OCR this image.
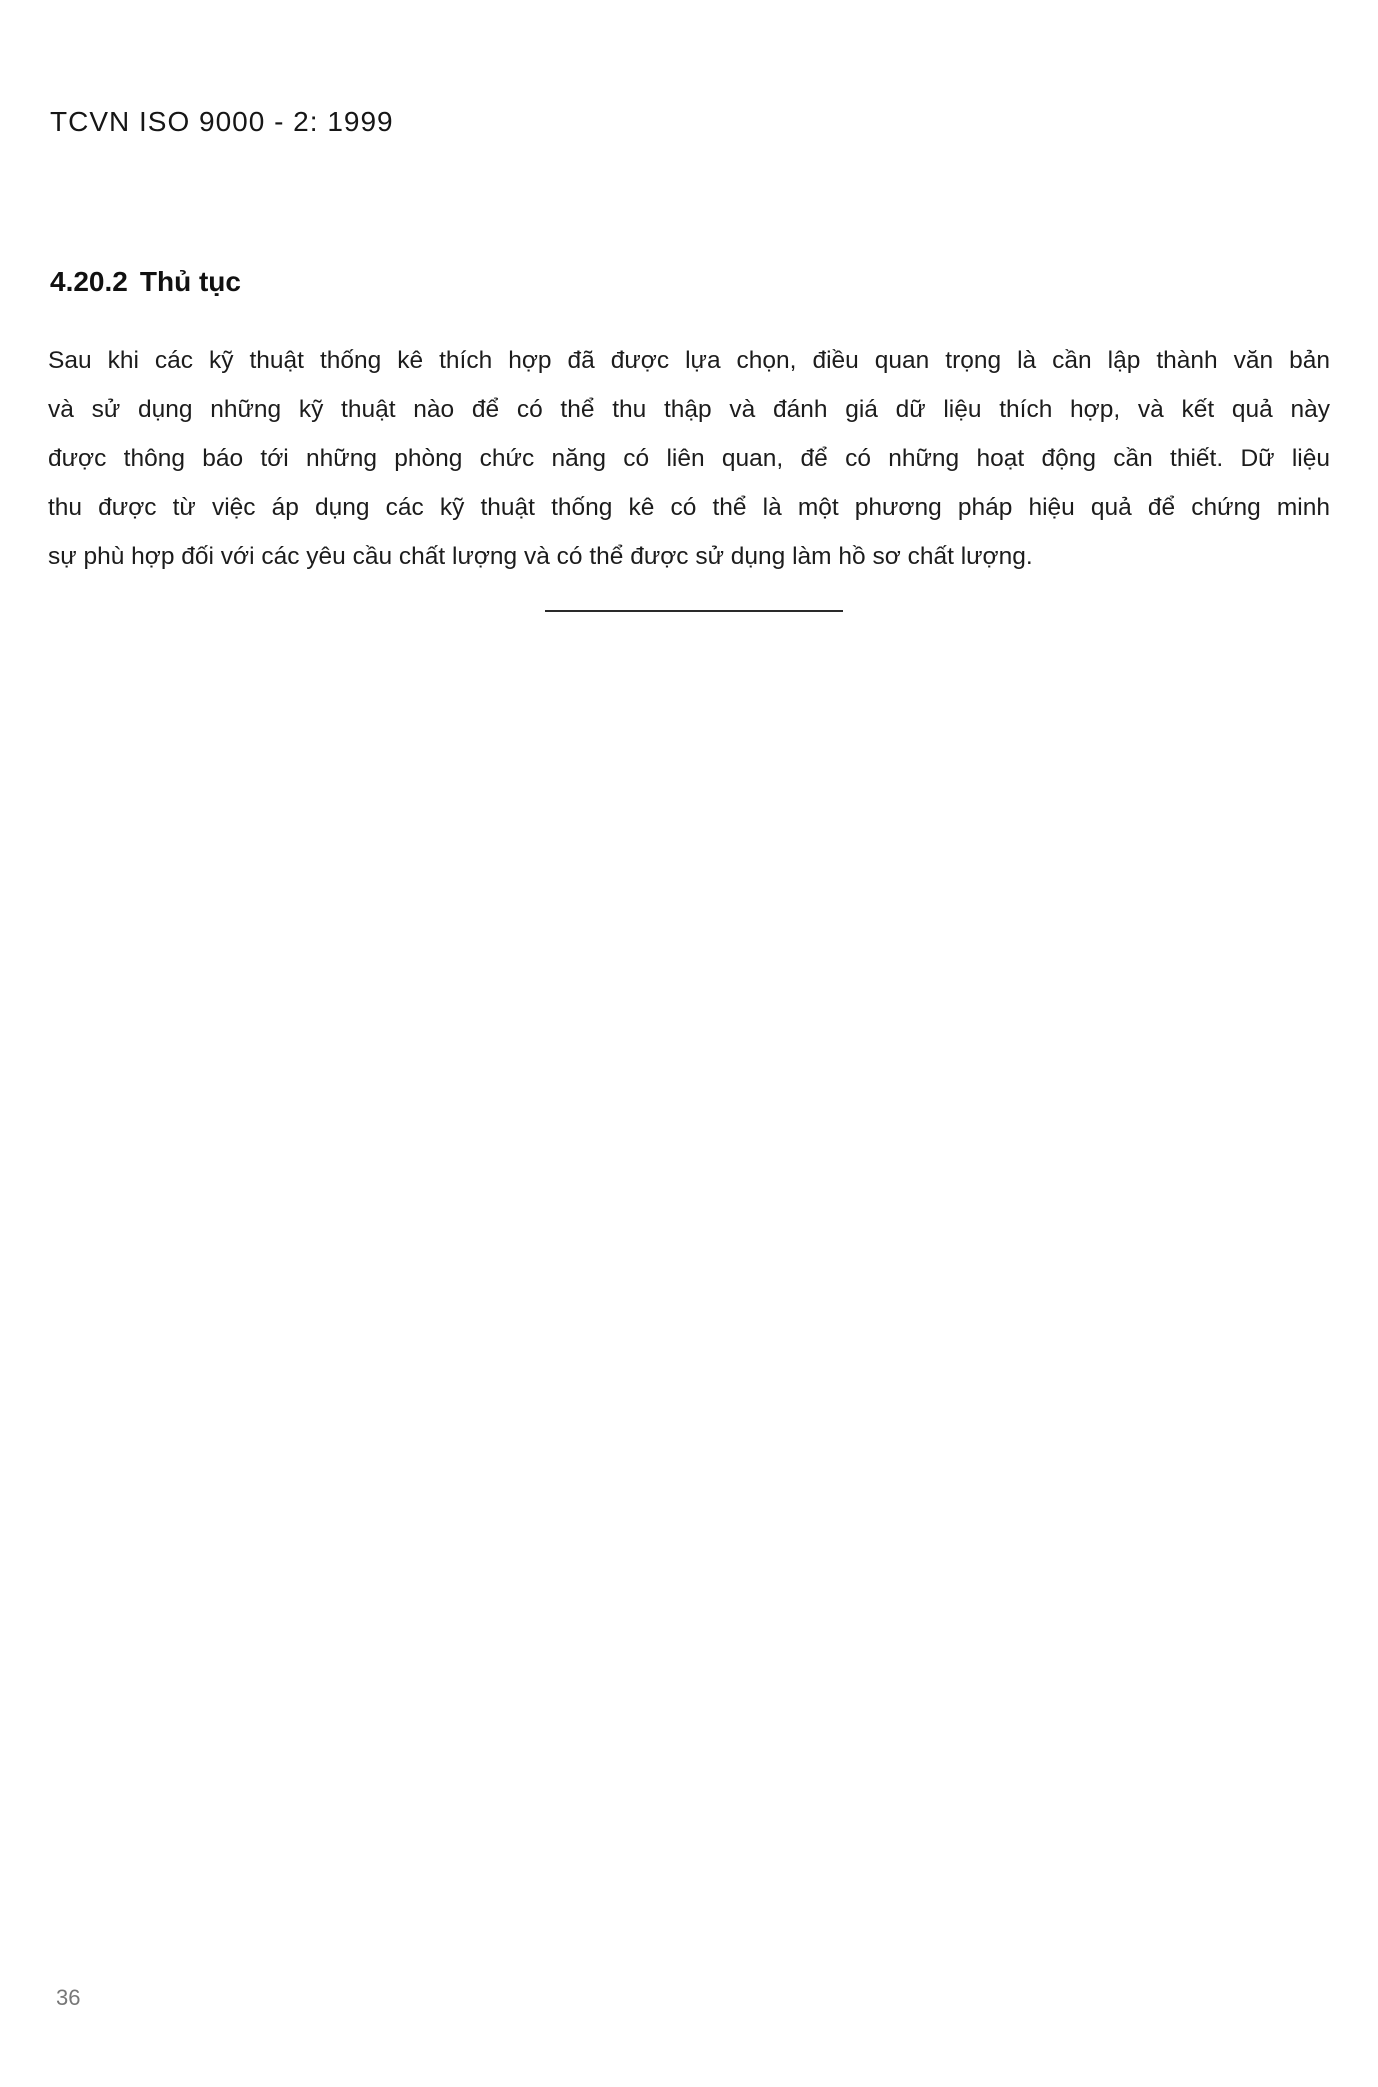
TCVN ISO 9000 - 2: 1999
4.20.2 Thủ tục
Sau khi các kỹ thuật thống kê thích hợp đã được lựa chọn, điều quan trọng là cần lập thành văn bản
và sử dụng những kỹ thuật nào để có thể thu thập và đánh giá dữ liệu thích hợp, và kết quả này
được thông báo tới những phòng chức năng có liên quan, để có những hoạt động cần thiết. Dữ liệu
thu được từ việc áp dụng các kỹ thuật thống kê có thể là một phương pháp hiệu quả để chứng minh
sự phù hợp đối với các yêu cầu chất lượng và có thể được sử dụng làm hồ sơ chất lượng.
36
